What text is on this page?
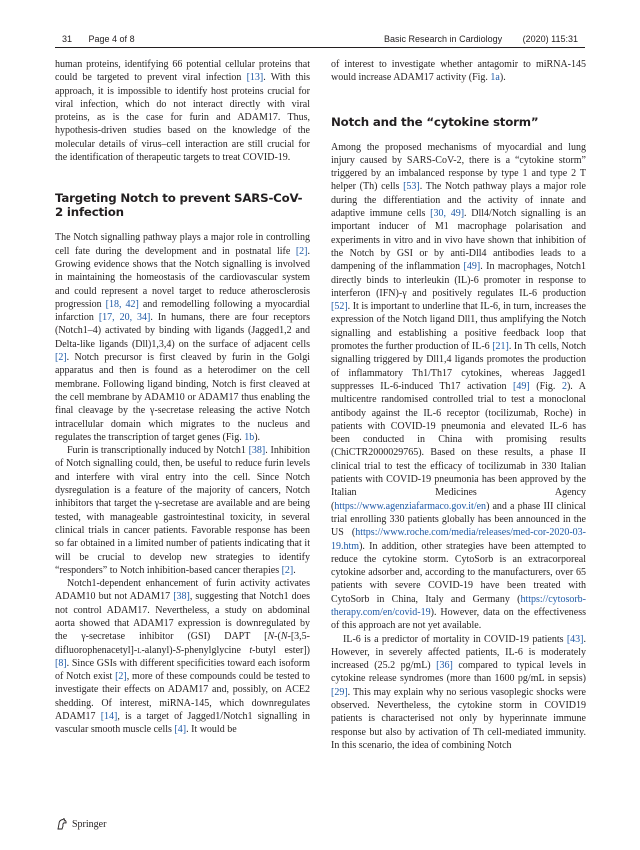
31 Page 4 of 8	Basic Research in Cardiology (2020) 115:31

human proteins, identifying 66 potential cellular proteins that could be targeted to prevent viral infection [13]. With this approach, it is impossible to identify host proteins crucial for viral infection, which do not interact directly with viral proteins, as is the case for furin and ADAM17. Thus, hypothesis-driven studies based on the knowledge of the molecular details of virus–cell interaction are still crucial for the identification of therapeutic targets to treat COVID-19.

Targeting Notch to prevent SARS-CoV-2 infection

The Notch signalling pathway plays a major role in controlling cell fate during the development and in postnatal life [2]. Growing evidence shows that the Notch signalling is involved in maintaining the homeostasis of the cardiovascular system and could represent a novel target to reduce atherosclerosis progression [18, 42] and remodelling following a myocardial infarction [17, 20, 34]. In humans, there are four receptors (Notch1–4) activated by binding with ligands (Jagged1,2 and Delta-like ligands (Dll)1,3,4) on the surface of adjacent cells [2]. Notch precursor is first cleaved by furin in the Golgi apparatus and then is found as a heterodimer on the cell membrane. Following ligand binding, Notch is first cleaved at the cell membrane by ADAM10 or ADAM17 thus enabling the final cleavage by the γ-secretase releasing the active Notch intracellular domain which migrates to the nucleus and regulates the transcription of target genes (Fig. 1b).

Furin is transcriptionally induced by Notch1 [38]. Inhibition of Notch signalling could, then, be useful to reduce furin levels and interfere with viral entry into the cell. Since Notch dysregulation is a feature of the majority of cancers, Notch inhibitors that target the γ-secretase are available and are being tested, with manageable gastrointestinal toxicity, in several clinical trials in cancer patients. Favorable response has been so far obtained in a limited number of patients indicating that it will be crucial to develop new strategies to identify “responders” to Notch inhibition-based cancer therapies [2].

Notch1-dependent enhancement of furin activity activates ADAM10 but not ADAM17 [38], suggesting that Notch1 does not control ADAM17. Nevertheless, a study on abdominal aorta showed that ADAM17 expression is downregulated by the γ-secretase inhibitor (GSI) DAPT [N-(N-[3,5-difluorophenacetyl]-l-alanyl)-S-phenylglycine t-butyl ester]) [8]. Since GSIs with different specificities toward each isoform of Notch exist [2], more of these compounds could be tested to investigate their effects on ADAM17 and, possibly, on ACE2 shedding. Of interest, miRNA-145, which downregulates ADAM17 [14], is a target of Jagged1/Notch1 signalling in vascular smooth muscle cells [4]. It would be

of interest to investigate whether antagomir to miRNA-145 would increase ADAM17 activity (Fig. 1a).

Notch and the “cytokine storm”

Among the proposed mechanisms of myocardial and lung injury caused by SARS-CoV-2, there is a “cytokine storm” triggered by an imbalanced response by type 1 and type 2 T helper (Th) cells [53]. The Notch pathway plays a major role during the differentiation and the activity of innate and adaptive immune cells [30, 49]. Dll4/Notch signalling is an important inducer of M1 macrophage polarisation and experiments in vitro and in vivo have shown that inhibition of the Notch by GSI or by anti-Dll4 antibodies leads to a dampening of the inflammation [49]. In macrophages, Notch1 directly binds to interleukin (IL)-6 promoter in response to interferon (IFN)-γ and positively regulates IL-6 production [52]. It is important to underline that IL-6, in turn, increases the expression of the Notch ligand Dll1, thus amplifying the Notch signalling and establishing a positive feedback loop that promotes the further production of IL-6 [21]. In Th cells, Notch signalling triggered by Dll1,4 ligands promotes the production of inflammatory Th1/Th17 cytokines, whereas Jagged1 suppresses IL-6-induced Th17 activation [49] (Fig. 2). A multicentre randomised controlled trial to test a monoclonal antibody against the IL-6 receptor (tocilizumab, Roche) in patients with COVID-19 pneumonia and elevated IL-6 has been conducted in China with promising results (ChiCTR2000029765). Based on these results, a phase II clinical trial to test the efficacy of tocilizumab in 330 Italian patients with COVID-19 pneumonia has been approved by the Italian Medicines Agency (https://www.agenziafarmaco.gov.it/en) and a phase III clinical trial enrolling 330 patients globally has been announced in the US (https://www.roche.com/media/releases/med-cor-2020-03-19.htm). In addition, other strategies have been attempted to reduce the cytokine storm. CytoSorb is an extracorporeal cytokine adsorber and, according to the manufacturers, over 65 patients with severe COVID-19 have been treated with CytoSorb in China, Italy and Germany (https://cytosorb-therapy.com/en/covid-19). However, data on the effectiveness of this approach are not yet available.

IL-6 is a predictor of mortality in COVID-19 patients [43]. However, in severely affected patients, IL-6 is moderately increased (25.2 pg/mL) [36] compared to typical levels in cytokine release syndromes (more than 1600 pg/mL in sepsis) [29]. This may explain why no serious vasoplegic shocks were observed. Nevertheless, the cytokine storm in COVID19 patients is characterised not only by hyperinnate immune response but also by activation of Th cell-mediated immunity. In this scenario, the idea of combining Notch

Springer
